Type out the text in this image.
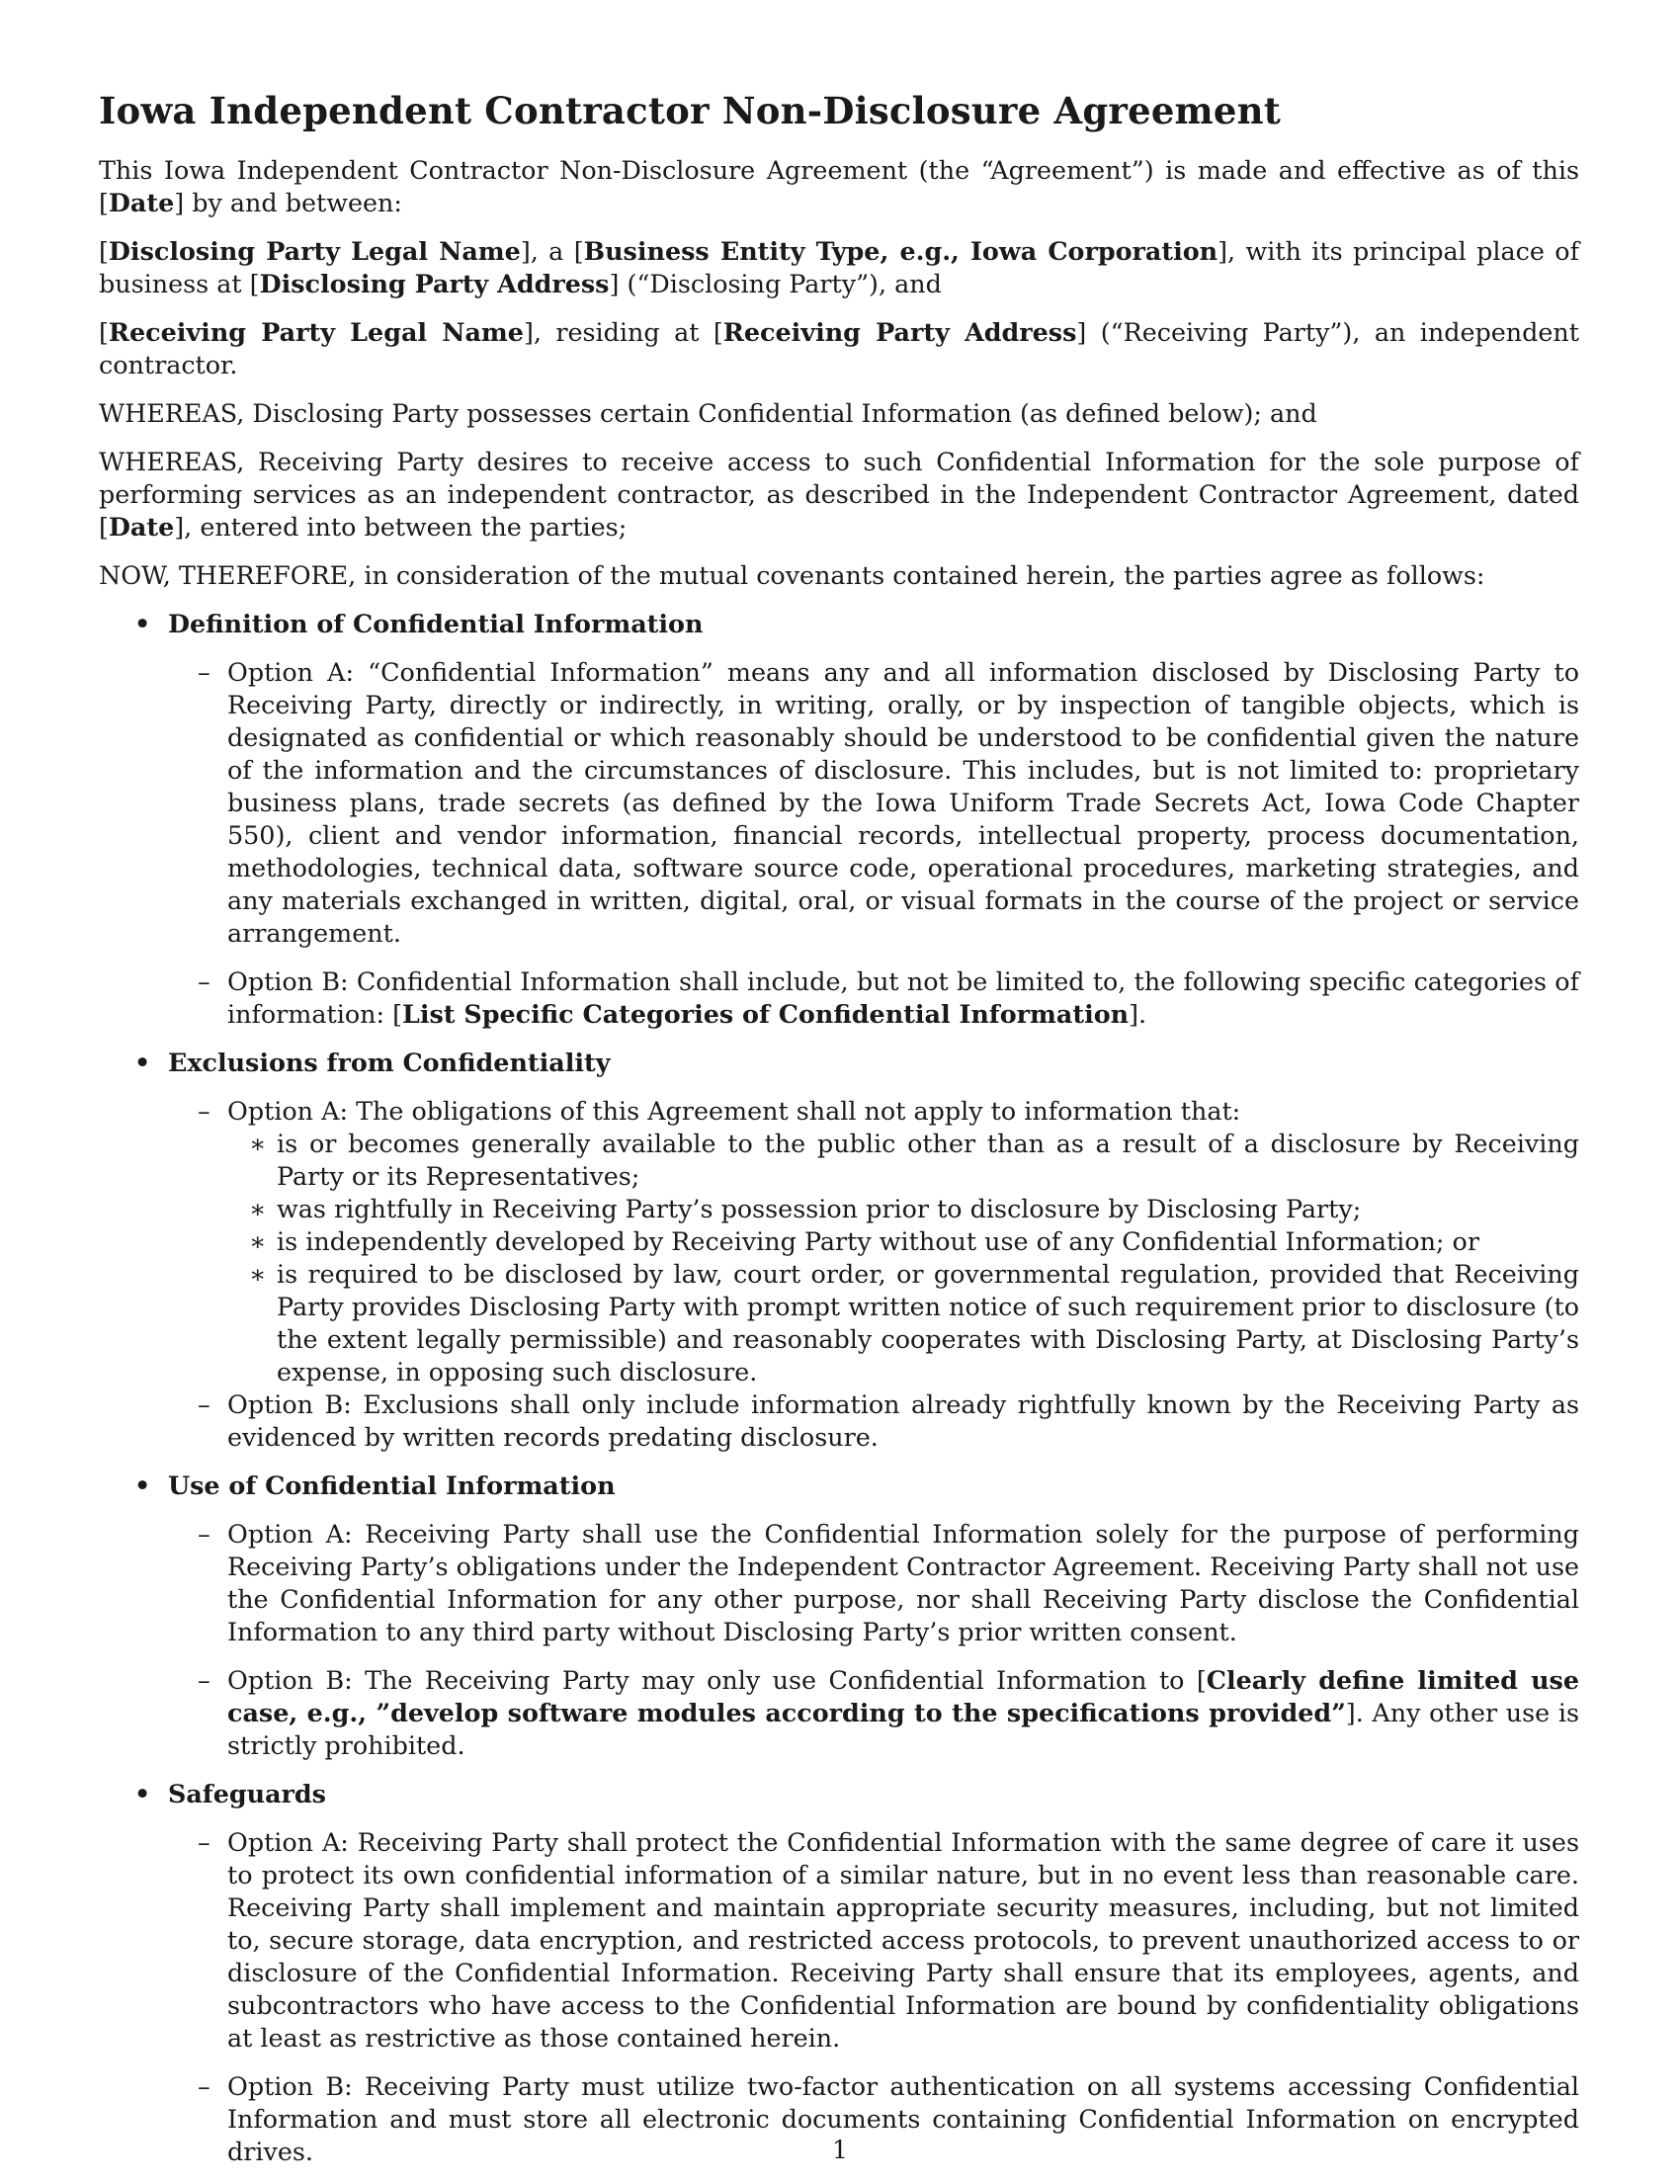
Iowa Independent Contractor Non-Disclosure Agreement

This Iowa Independent Contractor Non-Disclosure Agreement (the “Agreement”) is made and effective as of this [Date] by and between:

[Disclosing Party Legal Name], a [Business Entity Type, e.g., Iowa Corporation], with its principal place of business at [Disclosing Party Address] (“Disclosing Party”), and

[Receiving Party Legal Name], residing at [Receiving Party Address] (“Receiving Party”), an independent contractor.

WHEREAS, Disclosing Party possesses certain Confidential Information (as defined below); and

WHEREAS, Receiving Party desires to receive access to such Confidential Information for the sole purpose of performing services as an independent contractor, as described in the Independent Contractor Agreement, dated [Date], entered into between the parties;

NOW, THEREFORE, in consideration of the mutual covenants contained herein, the parties agree as follows:

• Definition of Confidential Information
– Option A: “Confidential Information” means any and all information disclosed by Disclosing Party to Receiving Party, directly or indirectly, in writing, orally, or by inspection of tangible objects, which is designated as confidential or which reasonably should be understood to be confidential given the nature of the information and the circumstances of disclosure. This includes, but is not limited to: proprietary business plans, trade secrets (as defined by the Iowa Uniform Trade Secrets Act, Iowa Code Chapter 550), client and vendor information, financial records, intellectual property, process documentation, methodologies, technical data, software source code, operational procedures, marketing strategies, and any materials exchanged in written, digital, oral, or visual formats in the course of the project or service arrangement.
– Option B: Confidential Information shall include, but not be limited to, the following specific categories of information: [List Specific Categories of Confidential Information].
• Exclusions from Confidentiality
– Option A: The obligations of this Agreement shall not apply to information that:
∗ is or becomes generally available to the public other than as a result of a disclosure by Receiving Party or its Representatives;
∗ was rightfully in Receiving Party’s possession prior to disclosure by Disclosing Party;
∗ is independently developed by Receiving Party without use of any Confidential Information; or
∗ is required to be disclosed by law, court order, or governmental regulation, provided that Receiving Party provides Disclosing Party with prompt written notice of such requirement prior to disclosure (to the extent legally permissible) and reasonably cooperates with Disclosing Party, at Disclosing Party’s expense, in opposing such disclosure.
– Option B: Exclusions shall only include information already rightfully known by the Receiving Party as evidenced by written records predating disclosure.
• Use of Confidential Information
– Option A: Receiving Party shall use the Confidential Information solely for the purpose of performing Receiving Party’s obligations under the Independent Contractor Agreement. Receiving Party shall not use the Confidential Information for any other purpose, nor shall Receiving Party disclose the Confidential Information to any third party without Disclosing Party’s prior written consent.
– Option B: The Receiving Party may only use Confidential Information to [Clearly define limited use case, e.g., ”develop software modules according to the specifications provided”]. Any other use is strictly prohibited.
• Safeguards
– Option A: Receiving Party shall protect the Confidential Information with the same degree of care it uses to protect its own confidential information of a similar nature, but in no event less than reasonable care. Receiving Party shall implement and maintain appropriate security measures, including, but not limited to, secure storage, data encryption, and restricted access protocols, to prevent unauthorized access to or disclosure of the Confidential Information. Receiving Party shall ensure that its employees, agents, and subcontractors who have access to the Confidential Information are bound by confidentiality obligations at least as restrictive as those contained herein.
– Option B: Receiving Party must utilize two-factor authentication on all systems accessing Confidential Information and must store all electronic documents containing Confidential Information on encrypted drives.	1
